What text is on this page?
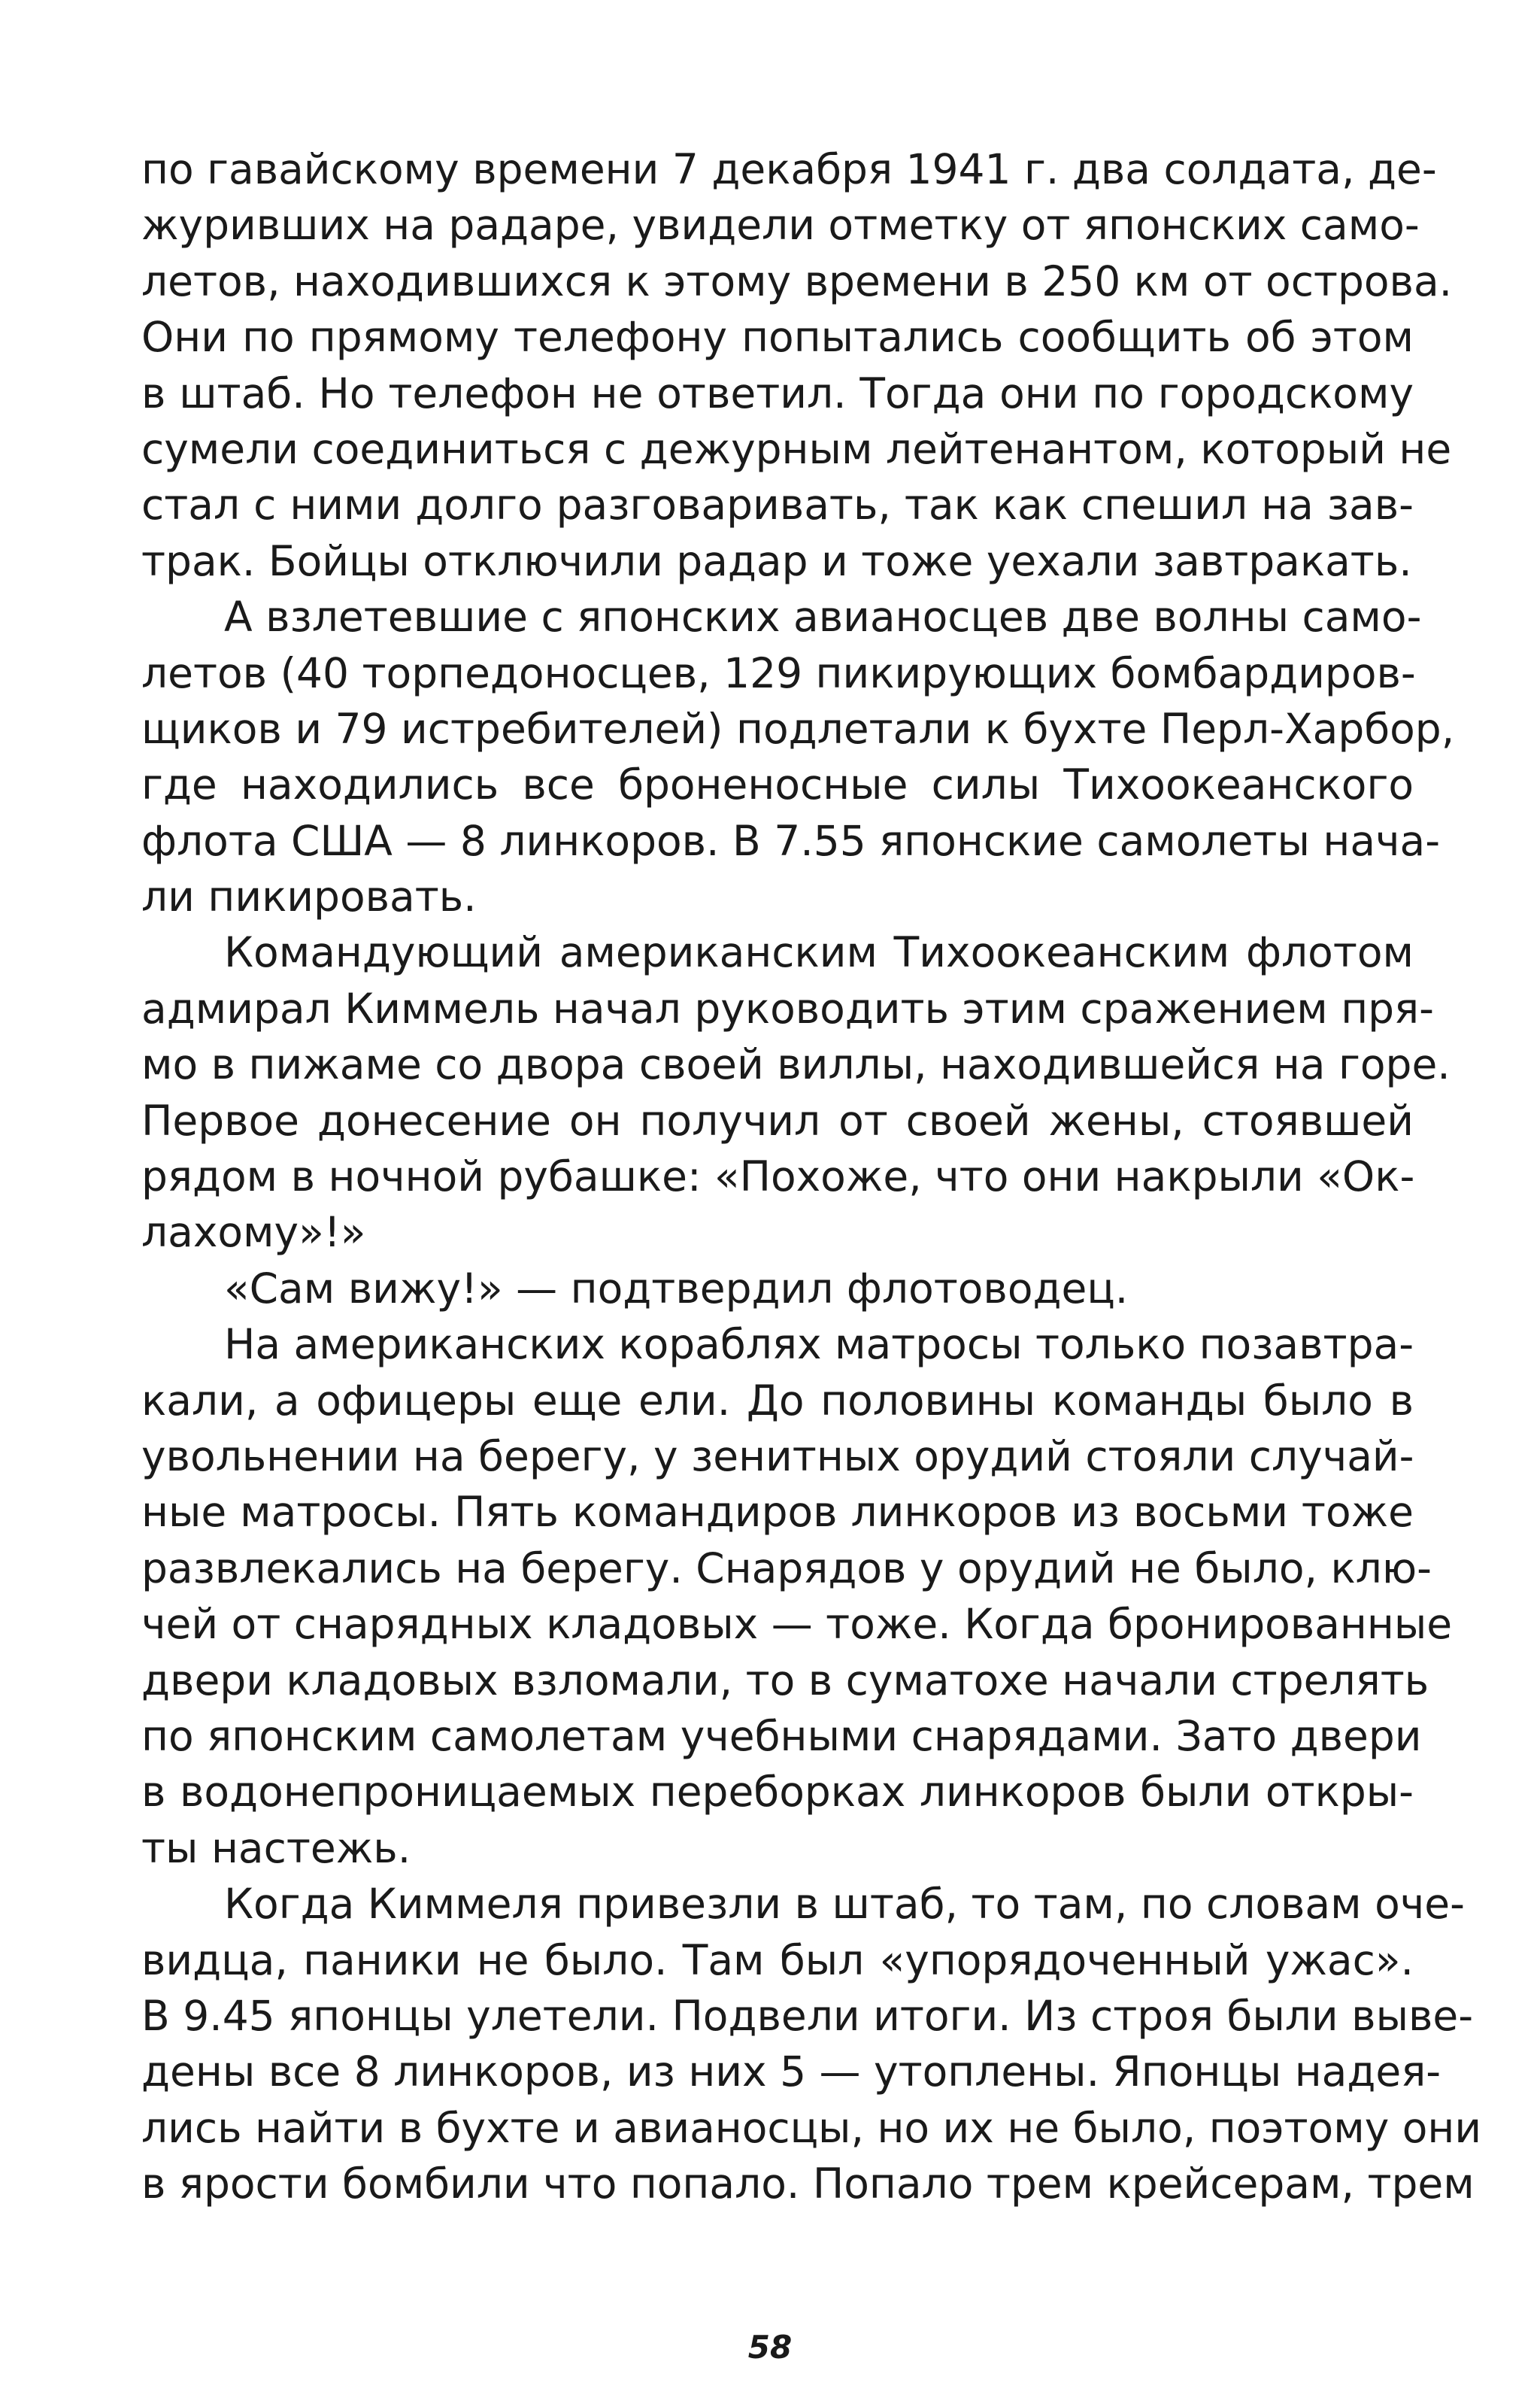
по гавайскому времени 7 декабря 1941 г. два солдата, де-
журивших на радаре, увидели отметку от японских само-
летов, находившихся к этому времени в 250 км от острова.
Они по прямому телефону попытались сообщить об этом
в штаб. Но телефон не ответил. Тогда они по городскому
сумели соединиться с дежурным лейтенантом, который не
стал с ними долго разговаривать, так как спешил на зав-
трак. Бойцы отключили радар и тоже уехали завтракать.
А взлетевшие с японских авианосцев две волны само-
летов (40 торпедоносцев, 129 пикирующих бомбардиров-
щиков и 79 истребителей) подлетали к бухте Перл-Харбор,
где находились все броненосные силы Тихоокеанского
флота США — 8 линкоров. В 7.55 японские самолеты нача-
ли пикировать.
Командующий американским Тихоокеанским флотом
адмирал Киммель начал руководить этим сражением пря-
мо в пижаме со двора своей виллы, находившейся на горе.
Первое донесение он получил от своей жены, стоявшей
рядом в ночной рубашке: «Похоже, что они накрыли «Ок-
лахому»!»
«Сам вижу!» — подтвердил флотоводец.
На американских кораблях матросы только позавтра-
кали, а офицеры еще ели. До половины команды было в
увольнении на берегу, у зенитных орудий стояли случай-
ные матросы. Пять командиров линкоров из восьми тоже
развлекались на берегу. Снарядов у орудий не было, клю-
чей от снарядных кладовых — тоже. Когда бронированные
двери кладовых взломали, то в суматохе начали стрелять
по японским самолетам учебными снарядами. Зато двери
в водонепроницаемых переборках линкоров были откры-
ты настежь.
Когда Киммеля привезли в штаб, то там, по словам оче-
видца, паники не было. Там был «упорядоченный ужас».
В 9.45 японцы улетели. Подвели итоги. Из строя были выве-
дены все 8 линкоров, из них 5 — утоплены. Японцы надея-
лись найти в бухте и авианосцы, но их не было, поэтому они
в ярости бомбили что попало. Попало трем крейсерам, трем
58
